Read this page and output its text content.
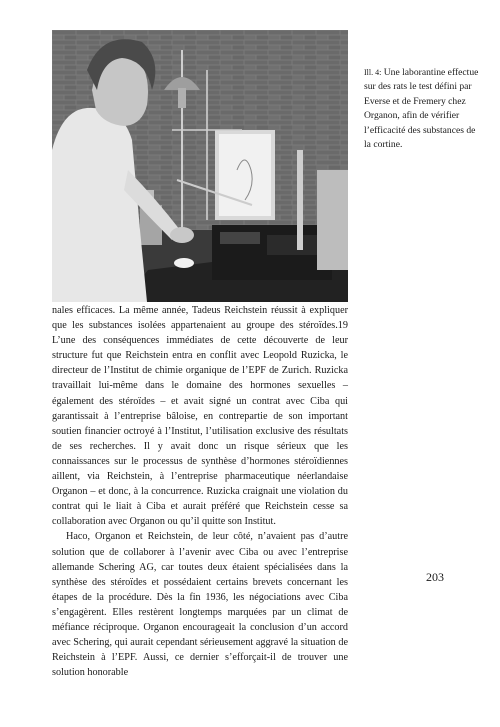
Ill. 4: Une laborantine effectue sur des rats le test défini par Everse et de Fremery chez Organon, afin de vérifier l’efficacité des substances de la cortine.

nales efficaces. La même année, Tadeus Reichstein réussit à expliquer que les substances isolées appartenaient au groupe des stéroïdes.19 L’une des conséquences immédiates de cette découverte de leur structure fut que Reichstein entra en conflit avec Leopold Ruzicka, le directeur de l’Institut de chimie organique de l’EPF de Zurich. Ruzicka travaillait lui-même dans le domaine des hormones sexuelles – également des stéroïdes – et avait signé un contrat avec Ciba qui garantissait à l’entreprise bâloise, en contrepartie de son important soutien financier octroyé à l’Institut, l’utilisation exclusive des résultats de ses recherches. Il y avait donc un risque sérieux que les connaissances sur le processus de synthèse d’hormones stéroïdiennes aillent, via Reichstein, à l’entreprise pharmaceutique néerlandaise Organon – et donc, à la concurrence. Ruzicka craignait une violation du contrat qui le liait à Ciba et aurait préféré que Reichstein cesse sa collaboration avec Organon ou qu’il quitte son Institut.

Haco, Organon et Reichstein, de leur côté, n’avaient pas d’autre solution que de collaborer à l’avenir avec Ciba ou avec l’entreprise allemande Schering AG, car toutes deux étaient spécialisées dans la synthèse des stéroïdes et possédaient certains brevets concernant les étapes de la procédure. Dès la fin 1936, les négociations avec Ciba s’engagèrent. Elles restèrent longtemps marquées par un climat de méfiance réciproque. Organon encourageait la conclusion d’un accord avec Schering, qui aurait cependant sérieusement aggravé la situation de Reichstein à l’EPF. Aussi, ce dernier s’efforçait-il de trouver une solution honorable

203
